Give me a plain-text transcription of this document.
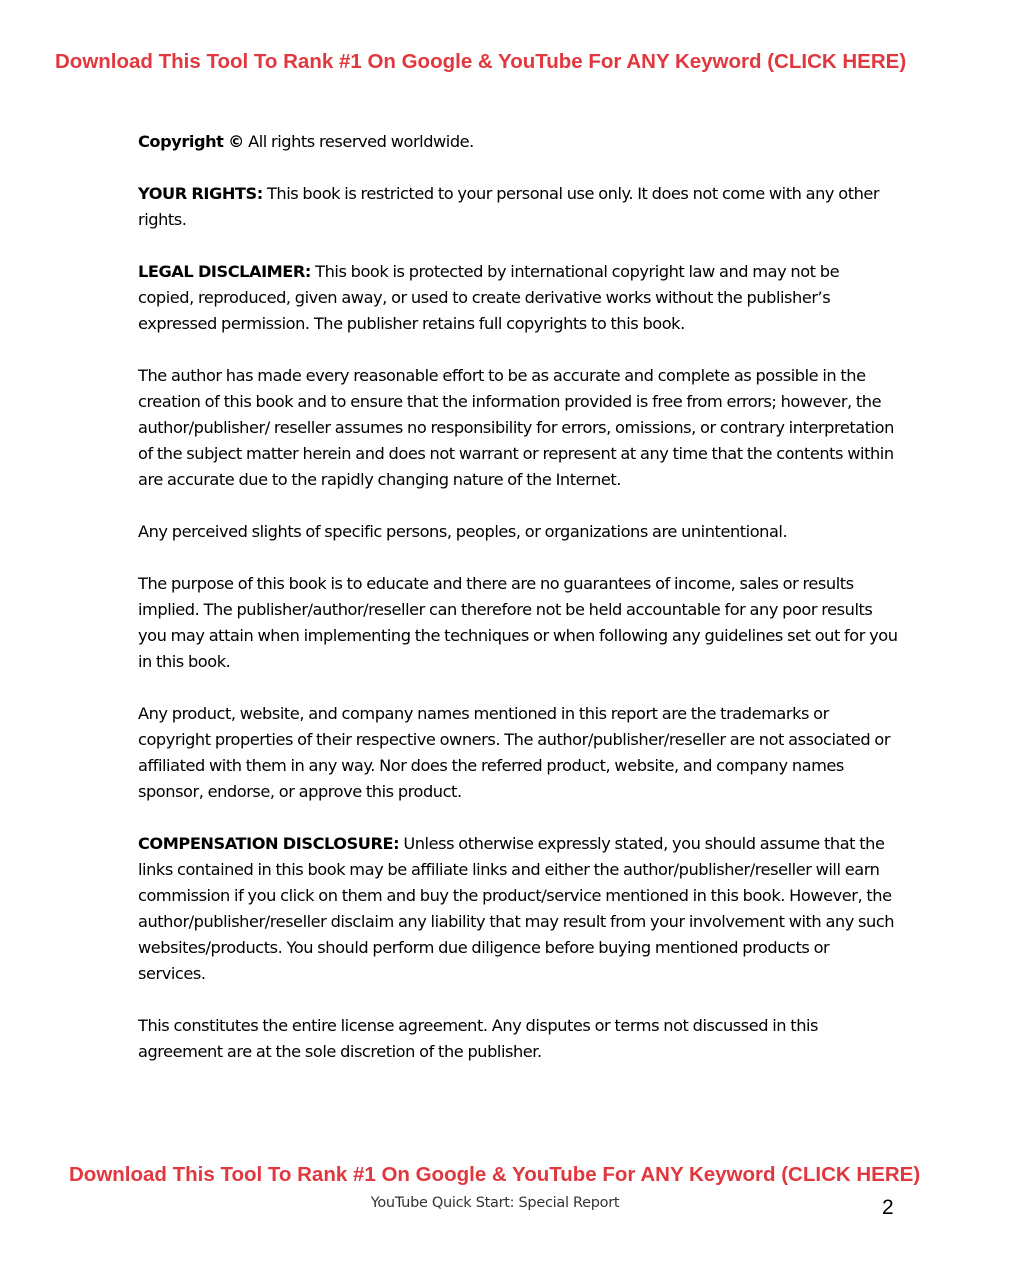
Download This Tool To Rank #1 On Google & YouTube For ANY Keyword (CLICK HERE)

Copyright © All rights reserved worldwide.

YOUR RIGHTS: This book is restricted to your personal use only. It does not come with any other rights.

LEGAL DISCLAIMER: This book is protected by international copyright law and may not be copied, reproduced, given away, or used to create derivative works without the publisher’s expressed permission. The publisher retains full copyrights to this book.

The author has made every reasonable effort to be as accurate and complete as possible in the creation of this book and to ensure that the information provided is free from errors; however, the author/publisher/ reseller assumes no responsibility for errors, omissions, or contrary interpretation of the subject matter herein and does not warrant or represent at any time that the contents within are accurate due to the rapidly changing nature of the Internet.

Any perceived slights of specific persons, peoples, or organizations are unintentional.

The purpose of this book is to educate and there are no guarantees of income, sales or results implied. The publisher/author/reseller can therefore not be held accountable for any poor results you may attain when implementing the techniques or when following any guidelines set out for you in this book.

Any product, website, and company names mentioned in this report are the trademarks or copyright properties of their respective owners. The author/publisher/reseller are not associated or affiliated with them in any way. Nor does the referred product, website, and company names sponsor, endorse, or approve this product.

COMPENSATION DISCLOSURE: Unless otherwise expressly stated, you should assume that the links contained in this book may be affiliate links and either the author/publisher/reseller will earn commission if you click on them and buy the product/service mentioned in this book. However, the author/publisher/reseller disclaim any liability that may result from your involvement with any such websites/products. You should perform due diligence before buying mentioned products or services.

This constitutes the entire license agreement. Any disputes or terms not discussed in this agreement are at the sole discretion of the publisher.

Download This Tool To Rank #1 On Google & YouTube For ANY Keyword (CLICK HERE)
YouTube Quick Start: Special Report	2
